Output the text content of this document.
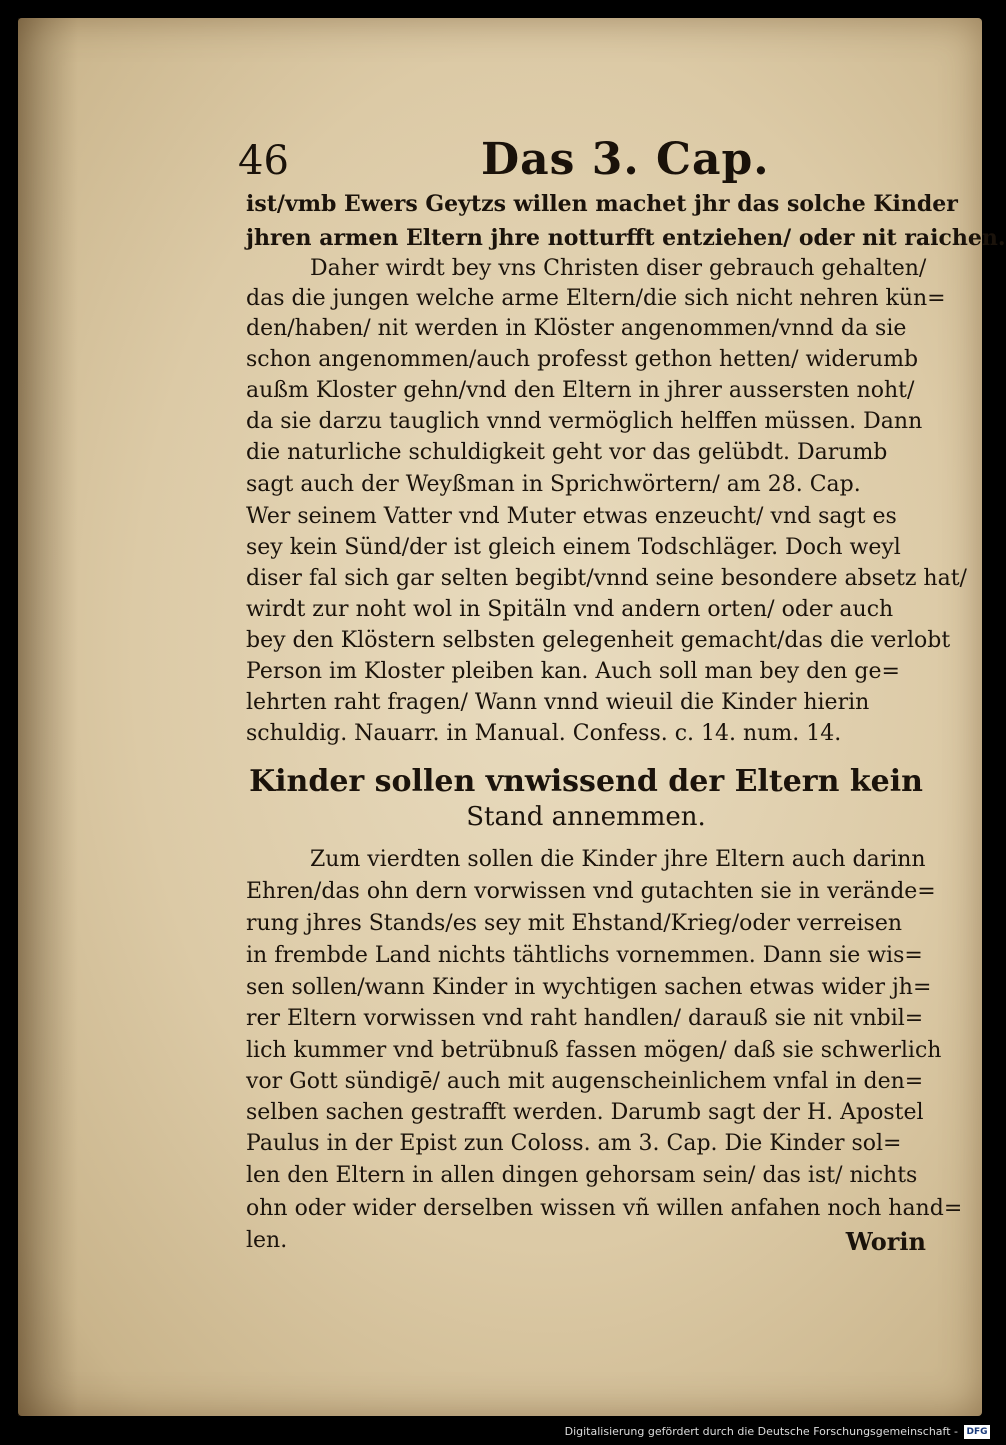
46	Das 3. Cap.
ist/vmb Ewers Geytzs willen machet jhr das solche Kinder
jhren armen Eltern jhre notturfft entziehen/ oder nit raichen.
Daher wirdt bey vns Christen diser gebrauch gehalten/
das die jungen welche arme Eltern/die sich nicht nehren kün=
den/haben/ nit werden in Klöster angenommen/vnnd da sie
schon angenommen/auch professt gethon hetten/ widerumb
außm Kloster gehn/vnd den Eltern in jhrer aussersten noht/
da sie darzu tauglich vnnd vermöglich helffen müssen. Dann
die naturliche schuldigkeit geht vor das gelübdt. Darumb
sagt auch der Weyßman in Sprichwörtern/ am 28. Cap.
Wer seinem Vatter vnd Muter etwas enzeucht/ vnd sagt es
sey kein Sünd/der ist gleich einem Todschläger. Doch weyl
diser fal sich gar selten begibt/vnnd seine besondere absetz hat/
wirdt zur noht wol in Spitäln vnd andern orten/ oder auch
bey den Klöstern selbsten gelegenheit gemacht/das die verlobt
Person im Kloster pleiben kan. Auch soll man bey den ge=
lehrten raht fragen/ Wann vnnd wieuil die Kinder hierin
schuldig. Nauarr. in Manual. Confess. c. 14. num. 14.
Kinder sollen vnwissend der Eltern kein
Stand annemmen.
Zum vierdten sollen die Kinder jhre Eltern auch darinn
Ehren/das ohn dern vorwissen vnd gutachten sie in verände=
rung jhres Stands/es sey mit Ehstand/Krieg/oder verreisen
in frembde Land nichts tähtlichs vornemmen. Dann sie wis=
sen sollen/wann Kinder in wychtigen sachen etwas wider jh=
rer Eltern vorwissen vnd raht handlen/ darauß sie nit vnbil=
lich kummer vnd betrübnuß fassen mögen/ daß sie schwerlich
vor Gott sündigē/ auch mit augenscheinlichem vnfal in den=
selben sachen gestrafft werden. Darumb sagt der H. Apostel
Paulus in der Epist zun Coloss. am 3. Cap. Die Kinder sol=
len den Eltern in allen dingen gehorsam sein/ das ist/ nichts
ohn oder wider derselben wissen vñ willen anfahen noch hand=
len.	Worin
Digitalisierung gefördert durch die Deutsche Forschungsgemeinschaft - DFG
